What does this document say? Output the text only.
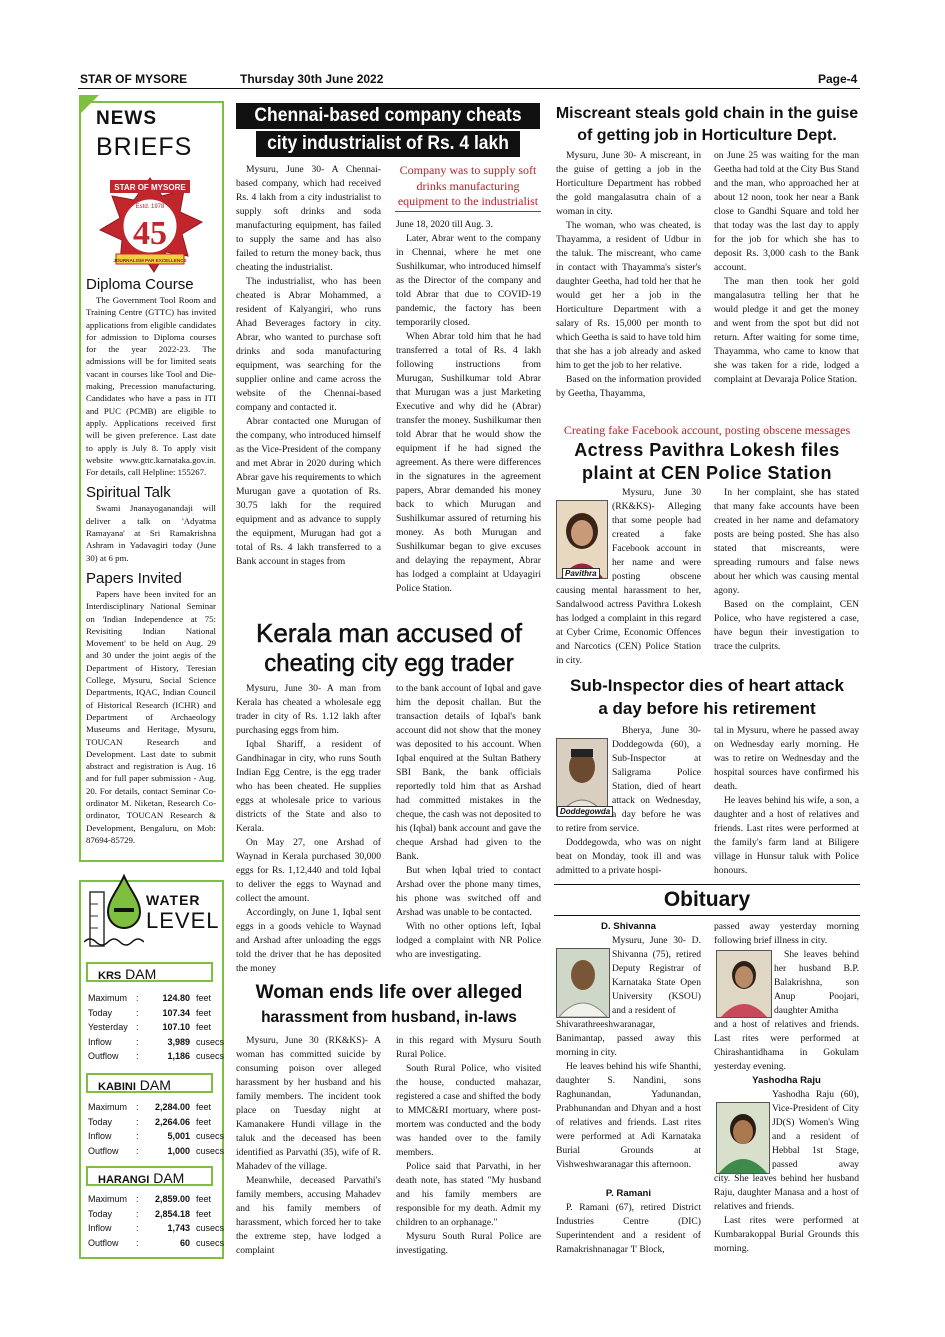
STAR OF MYSORE	Thursday 30th June 2022	Page-4
NEWS
BRIEFS
STAR OF MYSORE
Estd. 1978
45
JOURNALISM PAR EXCELLENCE
Diploma Course

The Government Tool Room and Training Centre (GTTC) has invited applications from eligible candidates for admission to Diploma courses for the year 2022-23. The admissions will be for limited seats vacant in courses like Tool and Die-making, Precession manufacturing. Candidates who have a pass in ITI and PUC (PCMB) are eligible to apply. Applications received first will be given preference. Last date to apply is July 8. To apply visit website www.gttc.karnataka.gov.in. For details, call Helpline: 155267.

Spiritual Talk

Swami Jnanayoganandaji will deliver a talk on 'Adyatma Ramayana' at Sri Ramakrishna Ashram in Yadavagiri today (June 30) at 6 pm.

Papers Invited

Papers have been invited for an Interdisciplinary National Seminar on 'Indian Independence at 75: Revisiting Indian National Movement' to be held on Aug. 29 and 30 under the joint aegis of the Department of History, Teresian College, Mysuru, Social Science Departments, IQAC, Indian Council of Historical Research (ICHR) and Department of Archaeology Museums and Heritage, Mysuru, TOUCAN Research and Development. Last date to submit abstract and registration is Aug. 16 and for full paper submission - Aug. 20. For details, contact Seminar Co-ordinator M. Niketan, Research Co-ordinator, TOUCAN Research & Development, Bengaluru, on Mob: 87694-85729.

WATER
LEVEL
KRS DAM
Maximum :	124.80 feet
Today	:	107.34 feet
Yesterday :	107.10 feet
Inflow	:	3,989 cusecs
Outflow :	1,186 cusecs
KABINI DAM
Maximum :	2,284.00 feet
Today	:	2,264.06 feet
Inflow	:	5,001 cusecs
Outflow :	1,000 cusecs
HARANGI DAM
Maximum :	2,859.00 feet
Today	:	2,854.18 feet
Inflow	:	1,743 cusecs
Outflow :	60 cusecs
Chennai-based company cheats
city industrialist of Rs. 4 lakh

Mysuru, June 30- A Chennai-based company, which had received Rs. 4 lakh from a city industrialist to supply soft drinks and soda manufacturing equipment, has failed to supply the same and has also failed to return the money back, thus cheating the industrialist.

The industrialist, who has been cheated is Abrar Mohammed, a resident of Kalyangiri, who runs Ahad Beverages factory in city. Abrar, who wanted to purchase soft drinks and soda manufacturing equipment, was searching for the supplier online and came across the website of the Chennai-based company and contacted it.

Abrar contacted one Murugan of the company, who introduced himself as the Vice-President of the company and met Abrar in 2020 during which Abrar gave his requirements to which Murugan gave a quotation of Rs. 30.75 lakh for the required equipment and as advance to supply the equipment, Murugan had got a total of Rs. 4 lakh transferred to a Bank account in stages from

Company was to supply soft drinks manufacturing equipment to the industrialist

June 18, 2020 till Aug. 3.

Later, Abrar went to the company in Chennai, where he met one Sushilkumar, who introduced himself as the Director of the company and told Abrar that due to COVID-19 pandemic, the factory has been temporarily closed.

When Abrar told him that he had transferred a total of Rs. 4 lakh following instructions from Murugan, Sushilkumar told Abrar that Murugan was a just Marketing Executive and why did he (Abrar) transfer the money. Sushilkumar then told Abrar that he would show the equipment if he had signed the agreement. As there were differences in the signatures in the agreement papers, Abrar demanded his money back to which Murugan and Sushilkumar assured of returning his money. As both Murugan and Sushilkumar began to give excuses and delaying the repayment, Abrar has lodged a complaint at Udayagiri Police Station.

Kerala man accused of
cheating city egg trader

Mysuru, June 30- A man from Kerala has cheated a wholesale egg trader in city of Rs. 1.12 lakh after purchasing eggs from him.

Iqbal Shariff, a resident of Gandhinagar in city, who runs South Indian Egg Centre, is the egg trader who has been cheated. He supplies eggs at wholesale price to various districts of the State and also to Kerala.

On May 27, one Arshad of Waynad in Kerala purchased 30,000 eggs for Rs. 1,12,440 and told Iqbal to deliver the eggs to Waynad and collect the amount.

Accordingly, on June 1, Iqbal sent eggs in a goods vehicle to Waynad and Arshad after unloading the eggs told the driver that he has deposited the money

to the bank account of Iqbal and gave him the deposit challan. But the transaction details of Iqbal's bank account did not show that the money was deposited to his account. When Iqbal enquired at the Sultan Bathery SBI Bank, the bank officials reportedly told him that as Arshad had committed mistakes in the cheque, the cash was not deposited to his (Iqbal) bank account and gave the cheque Arshad had given to the Bank.

But when Iqbal tried to contact Arshad over the phone many times, his phone was switched off and Arshad was unable to be contacted.

With no other options left, Iqbal lodged a complaint with NR Police who are investigating.

Woman ends life over alleged
harassment from husband, in-laws

Mysuru, June 30 (RK&KS)- A woman has committed suicide by consuming poison over alleged harassment by her husband and his family members. The incident took place on Tuesday night at Kamanakere Hundi village in the taluk and the deceased has been identified as Parvathi (35), wife of R. Mahadev of the village.

Meanwhile, deceased Parvathi's family members, accusing Mahadev and his family members of harassment, which forced her to take the extreme step, have lodged a complaint

in this regard with Mysuru South Rural Police.

South Rural Police, who visited the house, conducted mahazar, registered a case and shifted the body to MMC&RI mortuary, where post-mortem was conducted and the body was handed over to the family members.

Police said that Parvathi, in her death note, has stated "My husband and his family members are responsible for my death. Admit my children to an orphanage."

Mysuru South Rural Police are investigating.

Miscreant steals gold chain in the guise
of getting job in Horticulture Dept.

Mysuru, June 30- A miscreant, in the guise of getting a job in the Horticulture Department has robbed the gold mangalasutra chain of a woman in city.

The woman, who was cheated, is Thayamma, a resident of Udbur in the taluk. The miscreant, who came in contact with Thayamma's sister's daughter Geetha, had told her that he would get her a job in the Horticulture Department with a salary of Rs. 15,000 per month to which Geetha is said to have told him that she has a job already and asked him to get the job to her relative.

Based on the information provided by Geetha, Thayamma,

on June 25 was waiting for the man Geetha had told at the City Bus Stand and the man, who approached her at about 12 noon, took her near a Bank close to Gandhi Square and told her that today was the last day to apply for the job for which she has to deposit Rs. 3,000 cash to the Bank account.

The man then took her gold mangalasutra telling her that he would pledge it and get the money and went from the spot but did not return. After waiting for some time, Thayamma, who came to know that she was taken for a ride, lodged a complaint at Devaraja Police Station.

Creating fake Facebook account, posting obscene messages
Actress Pavithra Lokesh files
plaint at CEN Police Station
Pavithra

Mysuru, June 30 (RK&KS)- Alleging that some people had created a fake Facebook account in her name and were posting obscene

causing mental harassment to her, Sandalwood actress Pavithra Lokesh has lodged a complaint in this regard at Cyber Crime, Economic Offences and Narcotics (CEN) Police Station in city.

In her complaint, she has stated that many fake accounts have been created in her name and defamatory posts are being posted. She has also stated that miscreants, were spreading rumours and false news about her which was causing mental agony.

Based on the complaint, CEN Police, who have registered a case, have begun their investigation to trace the culprits.

Sub-Inspector dies of heart attack
a day before his retirement
Doddegowda

Bherya, June 30- Doddegowda (60), a Sub-Inspector at Saligrama Police Station, died of heart attack on Wednesday, a day before he was

to retire from service.

Doddegowda, who was on night beat on Monday, took ill and was admitted to a private hospi-

tal in Mysuru, where he passed away on Wednesday early morning. He was to retire on Wednesday and the hospital sources have confirmed his death.

He leaves behind his wife, a son, a daughter and a host of relatives and friends. Last rites were performed at the family's farm land at Biligere village in Hunsur taluk with Police honours.

Obituary
D. Shivanna

Mysuru, June 30- D. Shivanna (75), retired Deputy Registrar of Karnataka State Open University (KSOU) and a resident of

Shivarathreeshwaranagar, Banimantap, passed away this morning in city.

He leaves behind his wife Shanthi, daughter S. Nandini, sons Raghunandan, Yadunandan, Prabhunandan and Dhyan and a host of relatives and friends. Last rites were performed at Adi Karnataka Burial Grounds at Vishweshwaranagar this afternoon.

P. Ramani

P. Ramani (67), retired District Industries Centre (DIC) Superintendent and a resident of Ramakrishnanagar 'I' Block,

passed away yesterday morning following brief illness in city.

She leaves behind her husband B.P. Balakrishna, son Anup Poojari, daughter Amitha

and a host of relatives and friends. Last rites were performed at Chirashantidhama in Gokulam yesterday evening.

Yashodha Raju

Yashodha Raju (60), Vice-President of City JD(S) Women's Wing and a resident of Hebbal 1st Stage, passed away

city. She leaves behind her husband Raju, daughter Manasa and a host of relatives and friends.

Last rites were performed at Kumbarakoppal Burial Grounds this morning.
